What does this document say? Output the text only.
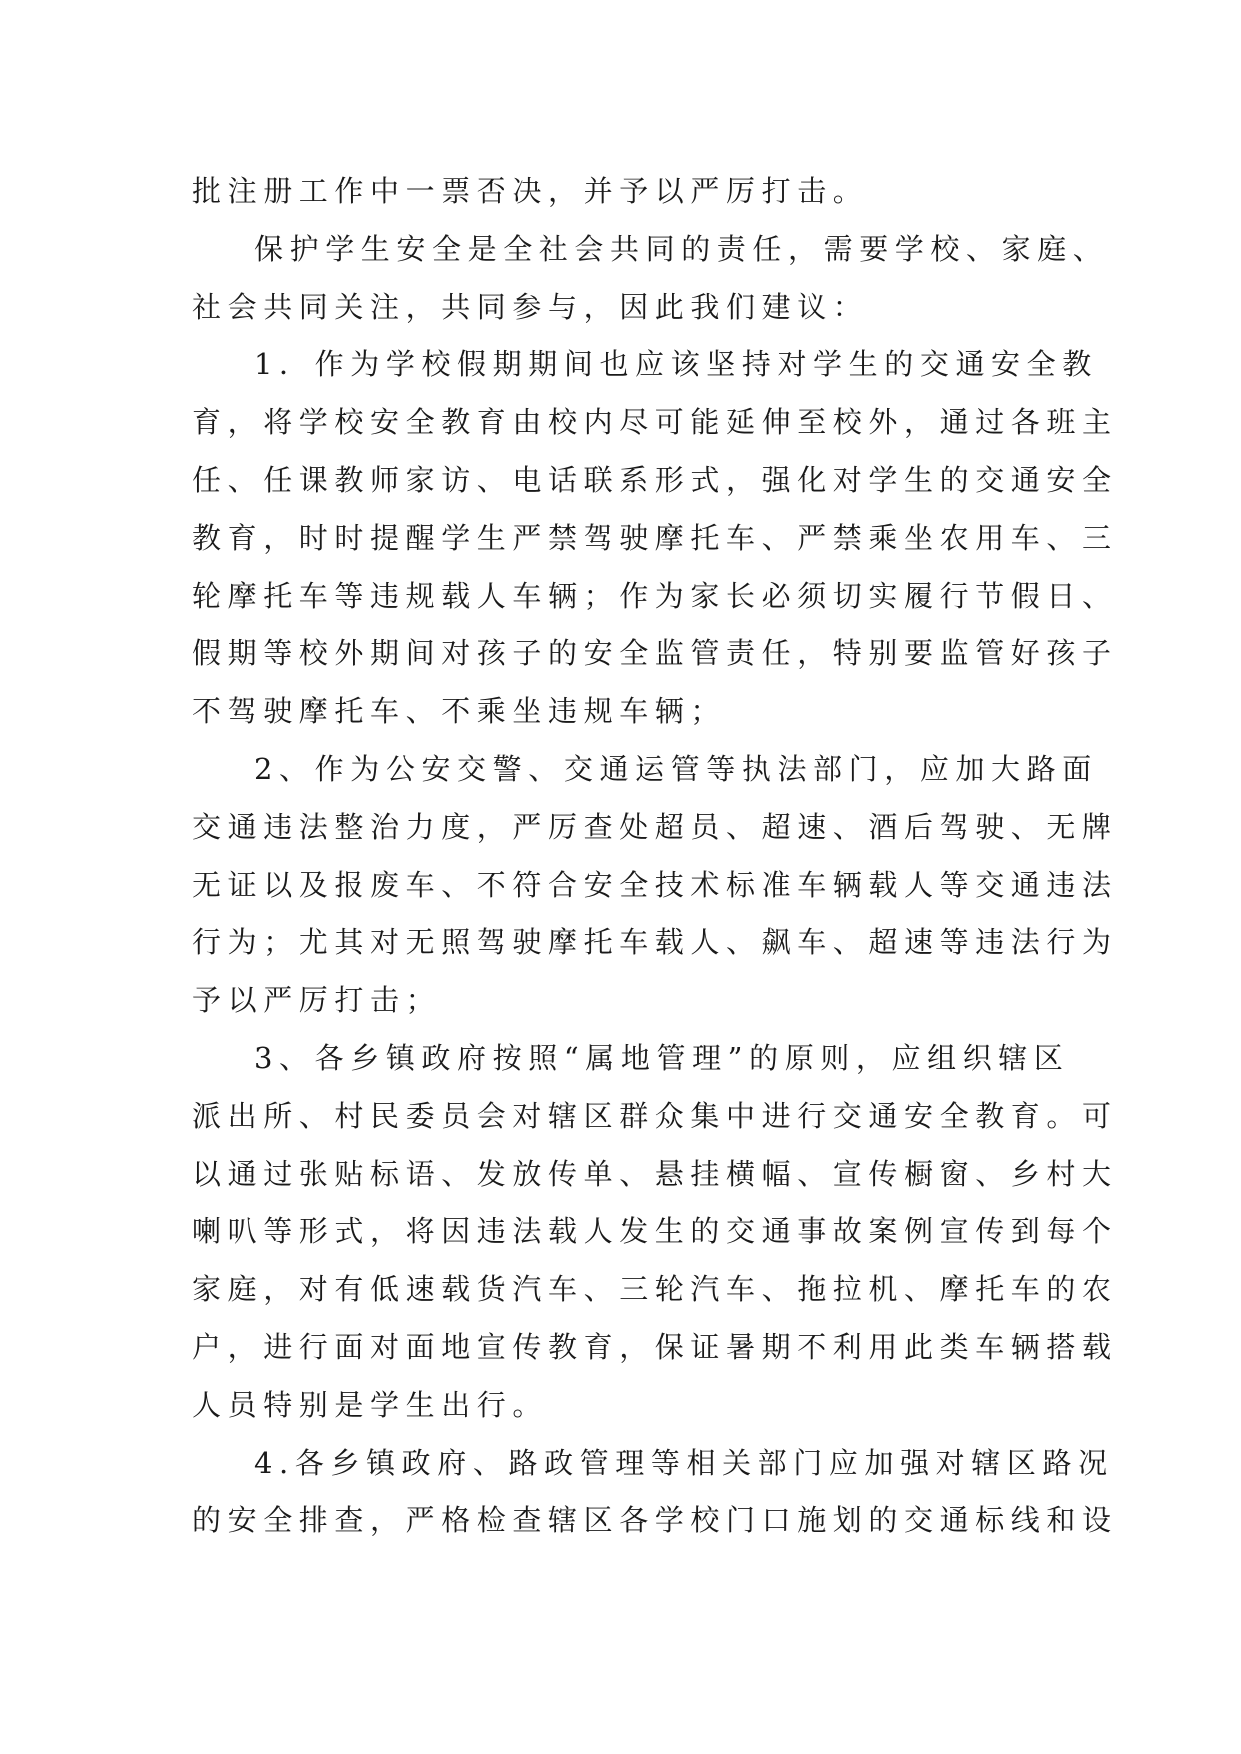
批注册工作中一票否决，并予以严厉打击。
保护学生安全是全社会共同的责任，需要学校、家庭、
社会共同关注，共同参与，因此我们建议：
1．作为学校假期期间也应该坚持对学生的交通安全教
育，将学校安全教育由校内尽可能延伸至校外，通过各班主
任、任课教师家访、电话联系形式，强化对学生的交通安全
教育，时时提醒学生严禁驾驶摩托车、严禁乘坐农用车、三
轮摩托车等违规载人车辆；作为家长必须切实履行节假日、
假期等校外期间对孩子的安全监管责任，特别要监管好孩子
不驾驶摩托车、不乘坐违规车辆；
2、作为公安交警、交通运管等执法部门，应加大路面
交通违法整治力度，严厉查处超员、超速、酒后驾驶、无牌
无证以及报废车、不符合安全技术标准车辆载人等交通违法
行为；尤其对无照驾驶摩托车载人、飙车、超速等违法行为
予以严厉打击；
3、各乡镇政府按照“属地管理”的原则，应组织辖区
派出所、村民委员会对辖区群众集中进行交通安全教育。可
以通过张贴标语、发放传单、悬挂横幅、宣传橱窗、乡村大
喇叭等形式，将因违法载人发生的交通事故案例宣传到每个
家庭，对有低速载货汽车、三轮汽车、拖拉机、摩托车的农
户，进行面对面地宣传教育，保证暑期不利用此类车辆搭载
人员特别是学生出行。
4.各乡镇政府、路政管理等相关部门应加强对辖区路况
的安全排查，严格检查辖区各学校门口施划的交通标线和设
